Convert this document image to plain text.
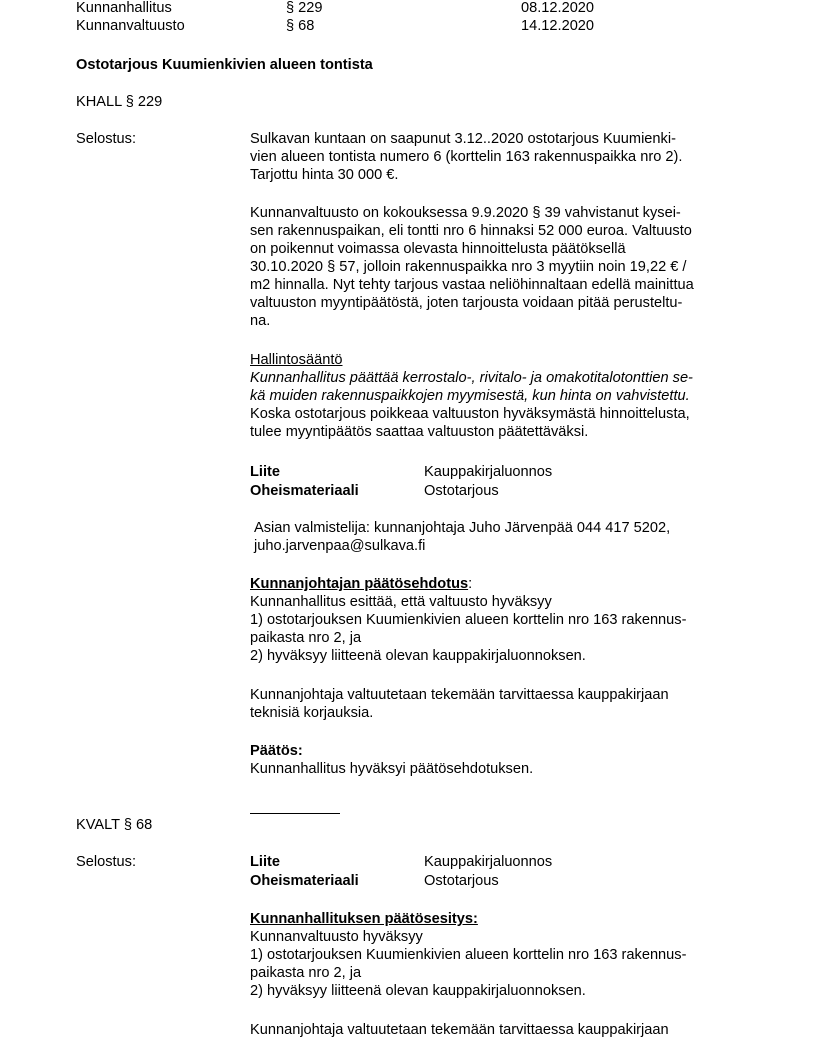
Kunnanhallitus	§ 229	08.12.2020
Kunnanvaltuusto	§ 68	14.12.2020
Ostotarjous Kuumienkivien alueen tontista
KHALL § 229
Selostus:	Sulkavan kuntaan on saapunut 3.12..2020 ostotarjous Kuumienki-
vien alueen tontista numero 6 (korttelin 163 rakennuspaikka nro 2).
Tarjottu hinta 30 000 €.
Kunnanvaltuusto on kokouksessa 9.9.2020 § 39 vahvistanut kysei-
sen rakennuspaikan, eli tontti nro 6 hinnaksi 52 000 euroa. Valtuusto
on poikennut voimassa olevasta hinnoittelusta päätöksellä
30.10.2020 § 57, jolloin rakennuspaikka nro 3 myytiin noin 19,22 € /
m2 hinnalla. Nyt tehty tarjous vastaa neliöhinnaltaan edellä mainittua
valtuuston myyntipäätöstä, joten tarjousta voidaan pitää perusteltu-
na.
Hallintosääntö
Kunnanhallitus päättää kerrostalo-, rivitalo- ja omakotitalotonttien se-
kä muiden rakennuspaikkojen myymisestä, kun hinta on vahvistettu.
Koska ostotarjous poikkeaa valtuuston hyväksymästä hinnoittelusta,
tulee myyntipäätös saattaa valtuuston päätettäväksi.
Liite	Kauppakirjaluonnos
Oheismateriaali	Ostotarjous
Asian valmistelija: kunnanjohtaja Juho Järvenpää 044 417 5202,
juho.jarvenpaa@sulkava.fi
Kunnanjohtajan päätösehdotus:
Kunnanhallitus esittää, että valtuusto hyväksyy
1) ostotarjouksen Kuumienkivien alueen korttelin nro 163 rakennus-
paikasta nro 2, ja
2) hyväksyy liitteenä olevan kauppakirjaluonnoksen.
Kunnanjohtaja valtuutetaan tekemään tarvittaessa kauppakirjaan
teknisiä korjauksia.
Päätös:
Kunnanhallitus hyväksyi päätösehdotuksen.
KVALT § 68
Selostus:	Liite	Kauppakirjaluonnos
Oheismateriaali	Ostotarjous
Kunnanhallituksen päätösesitys:
Kunnanvaltuusto hyväksyy
1) ostotarjouksen Kuumienkivien alueen korttelin nro 163 rakennus-
paikasta nro 2, ja
2) hyväksyy liitteenä olevan kauppakirjaluonnoksen.
Kunnanjohtaja valtuutetaan tekemään tarvittaessa kauppakirjaan
